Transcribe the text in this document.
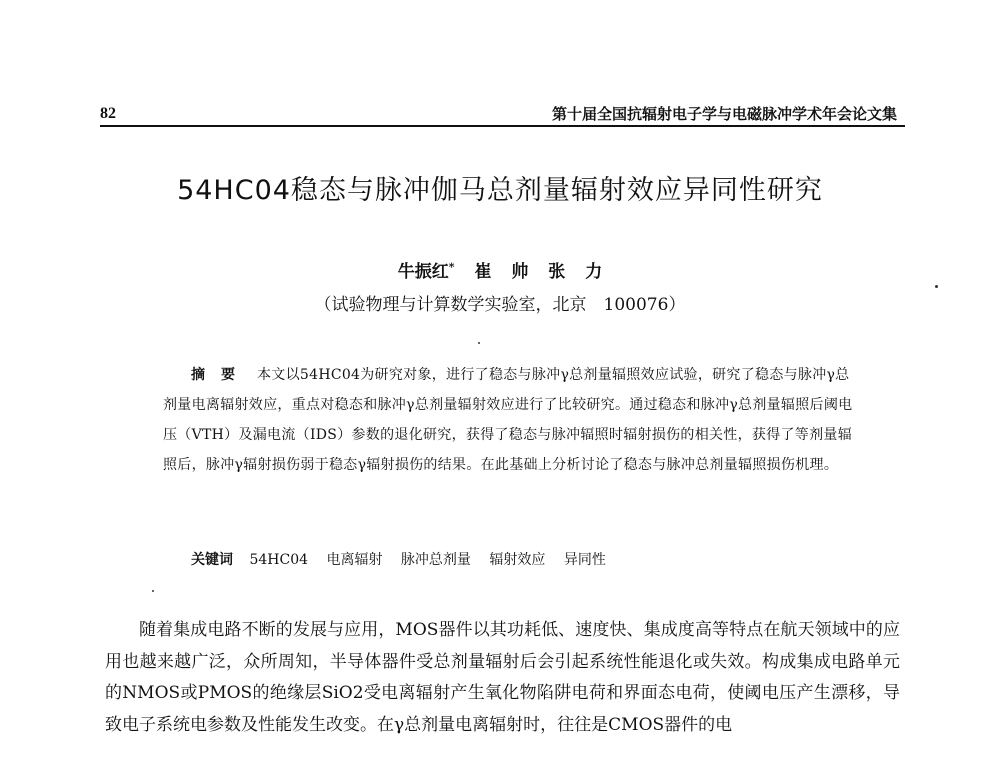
82	第十届全国抗辐射电子学与电磁脉冲学术年会论文集
54HC04稳态与脉冲伽马总剂量辐射效应异同性研究
牛振红* 崔 帅 张 力
（试验物理与计算数学实验室，北京　100076）
摘要 本文以54HC04为研究对象，进行了稳态与脉冲γ总剂量辐照效应试验，研究了稳态与脉冲γ总剂量电离辐射效应，重点对稳态和脉冲γ总剂量辐射效应进行了比较研究。通过稳态和脉冲γ总剂量辐照后阈电压（VTH）及漏电流（IDS）参数的退化研究，获得了稳态与脉冲辐照时辐射损伤的相关性，获得了等剂量辐照后，脉冲γ辐射损伤弱于稳态γ辐射损伤的结果。在此基础上分析讨论了稳态与脉冲总剂量辐照损伤机理。
关键词 54HC04 电离辐射 脉冲总剂量 辐射效应 异同性
随着集成电路不断的发展与应用，MOS器件以其功耗低、速度快、集成度高等特点在航天领域中的应用也越来越广泛，众所周知，半导体器件受总剂量辐射后会引起系统性能退化或失效。构成集成电路单元的NMOS或PMOS的绝缘层SiO2受电离辐射产生氧化物陷阱电荷和界面态电荷，使阈电压产生漂移，导致电子系统电参数及性能发生改变。在γ总剂量电离辐射时，往往是CMOS器件的电
